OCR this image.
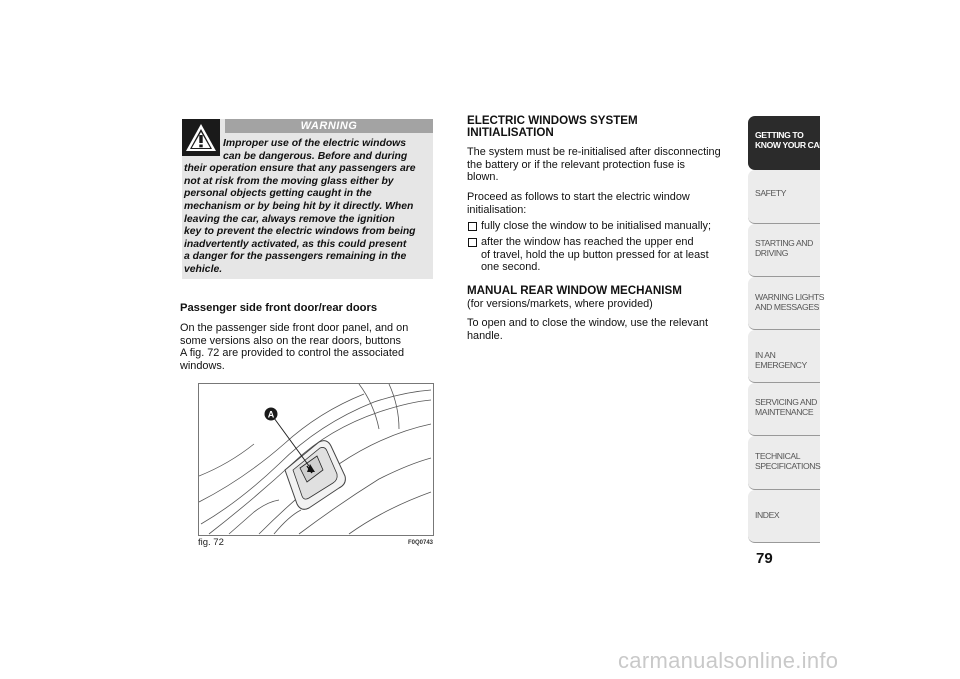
WARNING
Improper use of the electric windows
can be dangerous. Before and during
their operation ensure that any passengers are
not at risk from the moving glass either by
personal objects getting caught in the
mechanism or by being hit by it directly. When
leaving the car, always remove the ignition
key to prevent the electric windows from being
inadvertently activated, as this could present
a danger for the passengers remaining in the
vehicle.
Passenger side front door/rear doors
On the passenger side front door panel, and on
some versions also on the rear doors, buttons
A fig. 72 are provided to control the associated
windows.
A
fig. 72	F0Q0743
ELECTRIC WINDOWS SYSTEM
INITIALISATION
The system must be re-initialised after disconnecting
the battery or if the relevant protection fuse is
blown.
Proceed as follows to start the electric window
initialisation:
fully close the window to be initialised manually;
after the window has reached the upper end
of travel, hold the up button pressed for at least
one second.
MANUAL REAR WINDOW MECHANISM
(for versions/markets, where provided)
To open and to close the window, use the relevant
handle.
GETTING TO
KNOW YOUR CAR
SAFETY
STARTING AND
DRIVING
WARNING LIGHTS
AND MESSAGES
IN AN EMERGENCY
SERVICING AND
MAINTENANCE
TECHNICAL
SPECIFICATIONS
INDEX
79
carmanualsonline.info
